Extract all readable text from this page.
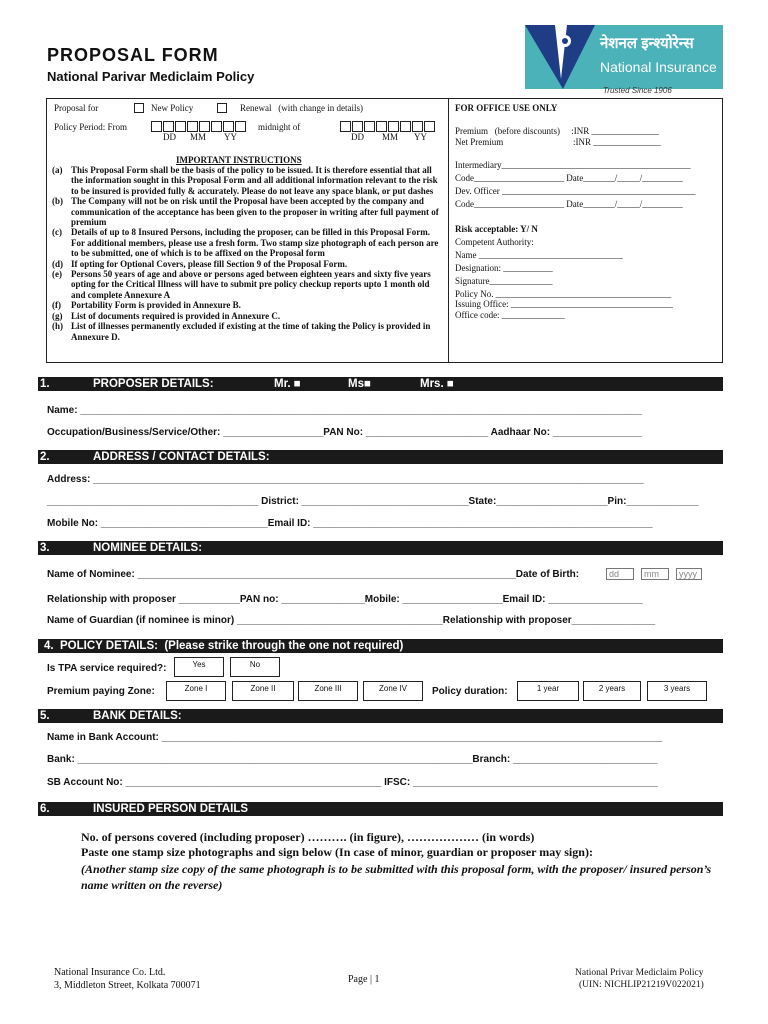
PROPOSAL FORM
National Parivar Mediclaim Policy
नेशनल इन्श्योरेन्स
National Insurance
Trusted Since 1906
Proposal for	New Policy	Renewal   (with change in details)
Policy Period: From
DD MM YY
midnight of
DD MM YY
IMPORTANT INSTRUCTIONS
(a) This Proposal Form shall be the basis of the policy to be issued. It is therefore essential that all the information sought in this Proposal Form and all additional information relevant to the risk to be insured is provided fully & accurately. Please do not leave any space blank, or put dashes
(b) The Company will not be on risk until the Proposal have been accepted by the company and communication of the acceptance has been given to the proposer in writing after full payment of premium
(c)	Details of up to 8 Insured Persons, including the proposer, can be filled in this Proposal Form. For additional members, please use a fresh form. Two stamp size photograph of each person are to be submitted, one of which is to be affixed on the Proposal form
(d) If opting for Optional Covers, please fill Section 9 of the Proposal Form.
(e)	Persons 50 years of age and above or persons aged between eighteen years and sixty five years opting for the Critical Illness will have to submit pre policy checkup reports upto 1 month old and complete Annexure A
(f)	Portability Form is provided in Annexure B.
(g) List of documents required is provided in Annexure C.
(h) List of illnesses permanently excluded if existing at the time of taking the Policy is provided in Annexure D.
FOR OFFICE USE ONLY
Premium   (before discounts)     :INR _______________
Net Premium                               :INR _______________
Intermediary__________________________________________
Code____________________ Date_______/_____/_________
Dev. Officer ___________________________________________
Code____________________ Date_______/_____/_________
Risk acceptable: Y/ N
Competent Authority:
Name ________________________________
Designation: ___________
Signature______________
Policy No. _______________________________________
Issuing Office: ____________________________________
Office code: ______________
1.	PROPOSER DETAILS:	Mr. ■	Ms■	Mrs. ■
Name: _____________________________________________________________________________________________________
Occupation/Business/Service/Other: __________________PAN No: ______________________ Aadhaar No: ________________
2.	ADDRESS / CONTACT DETAILS:
Address: ___________________________________________________________________________________________________
______________________________________ District: ______________________________State:____________________Pin:_____________
Mobile No: ______________________________Email ID: _____________________________________________________________
3.	NOMINEE DETAILS:
Name of Nominee: ____________________________________________________________________Date of Birth:	dd	mm	yyyy
Relationship with proposer ___________PAN no: _______________Mobile: __________________Email ID: _________________
Name of Guardian (if nominee is minor) _____________________________________Relationship with proposer_______________
4.  POLICY DETAILS:  (Please strike through the one not required)
Is TPA service required?:	Yes	No
Premium paying Zone:	Zone I	Zone II	Zone III	Zone IV	Policy duration:	1 year	2 years	3 years
5.	BANK DETAILS:
Name in Bank Account: __________________________________________________________________________________________
Bank: _______________________________________________________________________Branch: __________________________
SB Account No: ______________________________________________ IFSC: ____________________________________________
6.	INSURED PERSON DETAILS
No. of persons covered (including proposer) ………. (in figure), ……………… (in words)
Paste one stamp size photographs and sign below (In case of minor, guardian or proposer may sign):
(Another stamp size copy of the same photograph is to be submitted with this proposal form, with the proposer/ insured person’s name written on the reverse)
National Insurance Co. Ltd.
3, Middleton Street, Kolkata 700071
Page | 1
National Privar Mediclaim Policy
(UIN: NICHLIP21219V022021)
